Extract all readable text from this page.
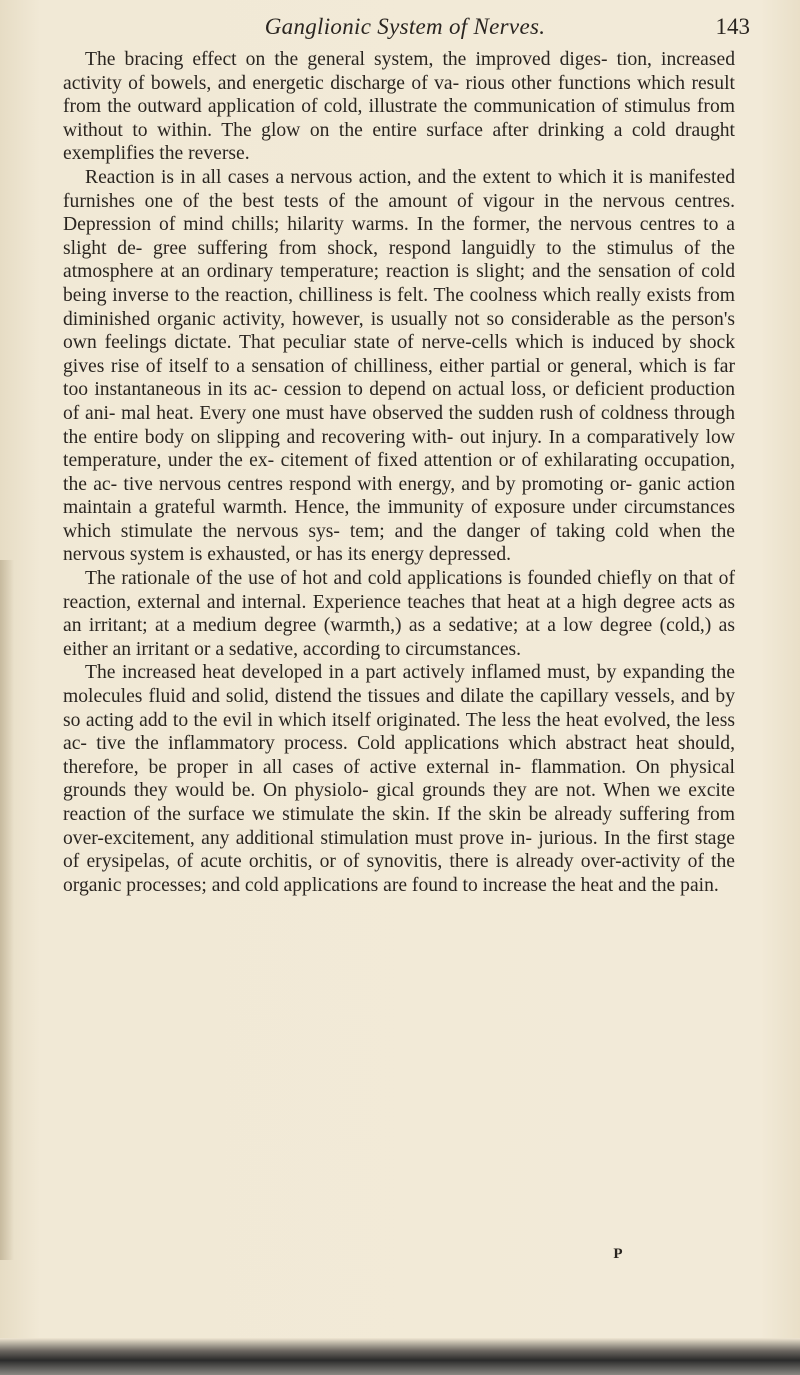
Ganglionic System of Nerves.	143

The bracing effect on the general system, the improved diges- tion, increased activity of bowels, and energetic discharge of va- rious other functions which result from the outward application of cold, illustrate the communication of stimulus from without to within. The glow on the entire surface after drinking a cold draught exemplifies the reverse.

Reaction is in all cases a nervous action, and the extent to which it is manifested furnishes one of the best tests of the amount of vigour in the nervous centres. Depression of mind chills; hilarity warms. In the former, the nervous centres to a slight de- gree suffering from shock, respond languidly to the stimulus of the atmosphere at an ordinary temperature; reaction is slight; and the sensation of cold being inverse to the reaction, chilliness is felt. The coolness which really exists from diminished organic activity, however, is usually not so considerable as the person's own feelings dictate. That peculiar state of nerve-cells which is induced by shock gives rise of itself to a sensation of chilliness, either partial or general, which is far too instantaneous in its ac- cession to depend on actual loss, or deficient production of ani- mal heat. Every one must have observed the sudden rush of coldness through the entire body on slipping and recovering with- out injury. In a comparatively low temperature, under the ex- citement of fixed attention or of exhilarating occupation, the ac- tive nervous centres respond with energy, and by promoting or- ganic action maintain a grateful warmth. Hence, the immunity of exposure under circumstances which stimulate the nervous sys- tem; and the danger of taking cold when the nervous system is exhausted, or has its energy depressed.

The rationale of the use of hot and cold applications is founded chiefly on that of reaction, external and internal. Experience teaches that heat at a high degree acts as an irritant; at a medium degree (warmth,) as a sedative; at a low degree (cold,) as either an irritant or a sedative, according to circumstances.

The increased heat developed in a part actively inflamed must, by expanding the molecules fluid and solid, distend the tissues and dilate the capillary vessels, and by so acting add to the evil in which itself originated. The less the heat evolved, the less ac- tive the inflammatory process. Cold applications which abstract heat should, therefore, be proper in all cases of active external in- flammation. On physical grounds they would be. On physiolo- gical grounds they are not. When we excite reaction of the surface we stimulate the skin. If the skin be already suffering from over-excitement, any additional stimulation must prove in- jurious. In the first stage of erysipelas, of acute orchitis, or of synovitis, there is already over-activity of the organic processes; and cold applications are found to increase the heat and the pain.

P
